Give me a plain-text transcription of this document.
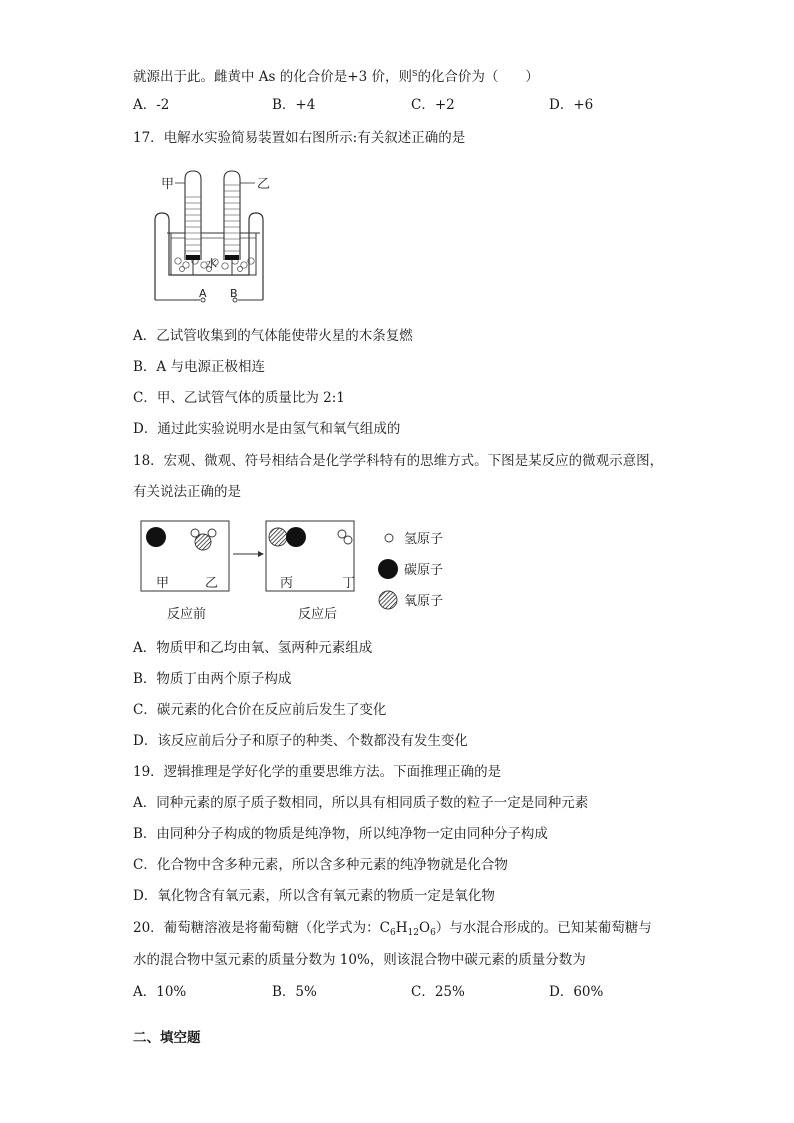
就源出于此。雌黄中 As 的化合价是+3 价，则$^S$的化合价为（　　）
A．-2	B．+4	C．+2	D．+6
17．电解水实验简易装置如右图所示:有关叙述正确的是
甲	乙
水
A B
A．乙试管收集到的气体能使带火星的木条复燃
B．A 与电源正极相连
C．甲、乙试管气体的质量比为 2:1
D．通过此实验说明水是由氢气和氧气组成的
18．宏观、微观、符号相结合是化学学科特有的思维方式。下图是某反应的微观示意图，
有关说法正确的是
甲	乙	丙	丁
反应前	反应后
氢原子
碳原子
氧原子
A．物质甲和乙均由氧、氢两种元素组成
B．物质丁由两个原子构成
C．碳元素的化合价在反应前后发生了变化
D．该反应前后分子和原子的种类、个数都没有发生变化
19．逻辑推理是学好化学的重要思维方法。下面推理正确的是
A．同种元素的原子质子数相同，所以具有相同质子数的粒子一定是同种元素
B．由同种分子构成的物质是纯净物，所以纯净物一定由同种分子构成
C．化合物中含多种元素，所以含多种元素的纯净物就是化合物
D．氧化物含有氧元素，所以含有氧元素的物质一定是氧化物
20．葡萄糖溶液是将葡萄糖（化学式为：$C_6H_{12}O_6$）与水混合形成的。已知某葡萄糖与
水的混合物中氢元素的质量分数为 10%，则该混合物中碳元素的质量分数为
A．10%	B．5%	C．25%	D．60%
二、填空题
